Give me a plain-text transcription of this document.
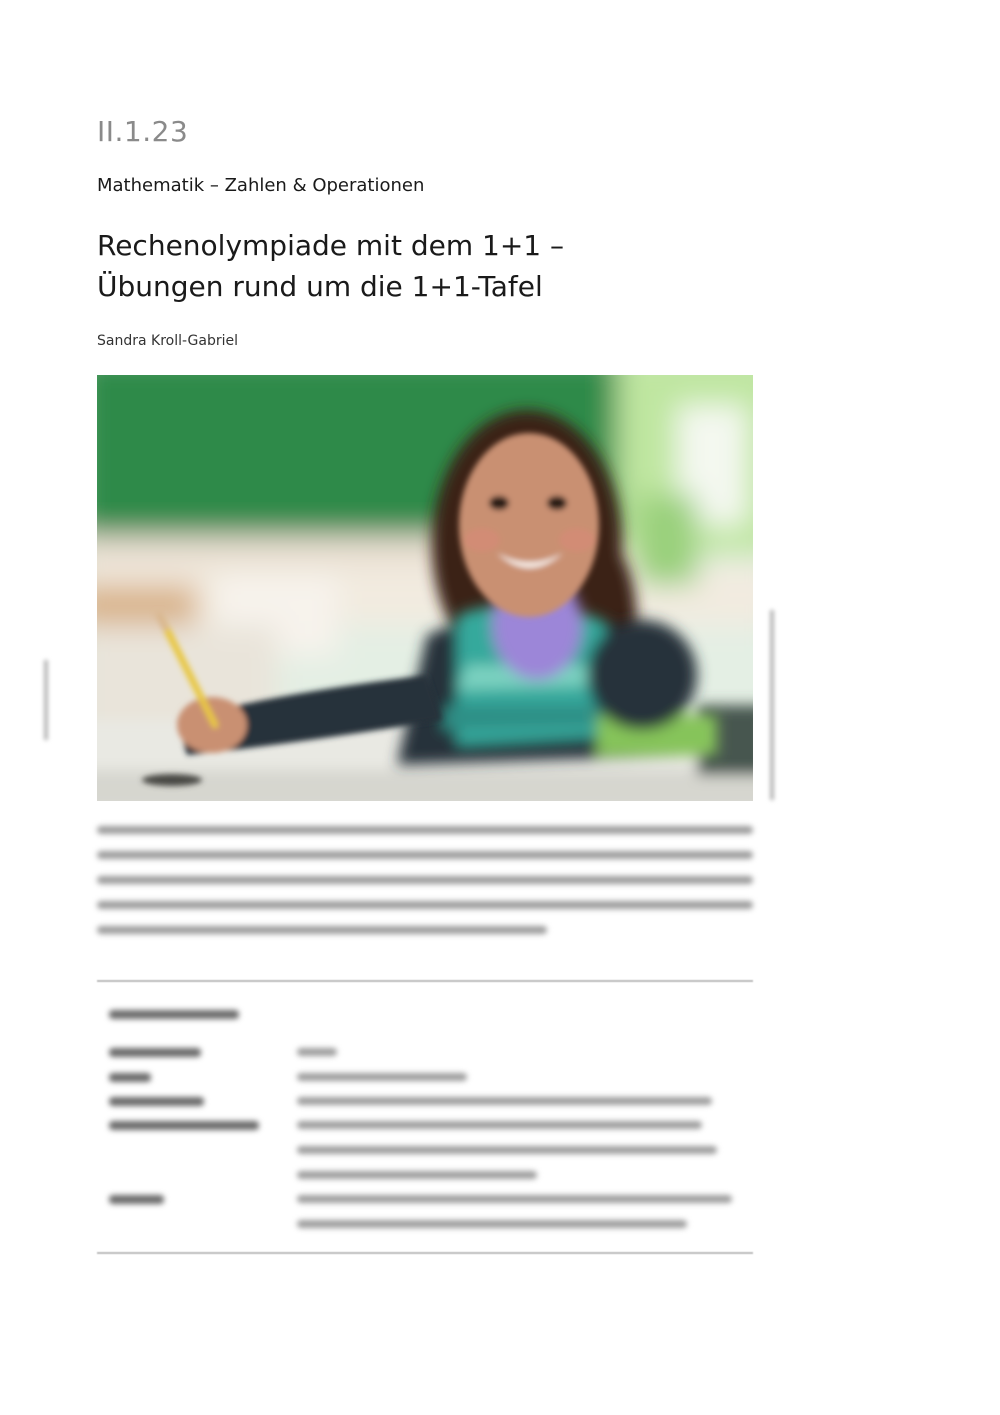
II.1.23
Mathematik – Zahlen & Operationen
Rechenolympiade mit dem 1+1 –
Übungen rund um die 1+1-Tafel
Sandra Kroll-Gabriel
